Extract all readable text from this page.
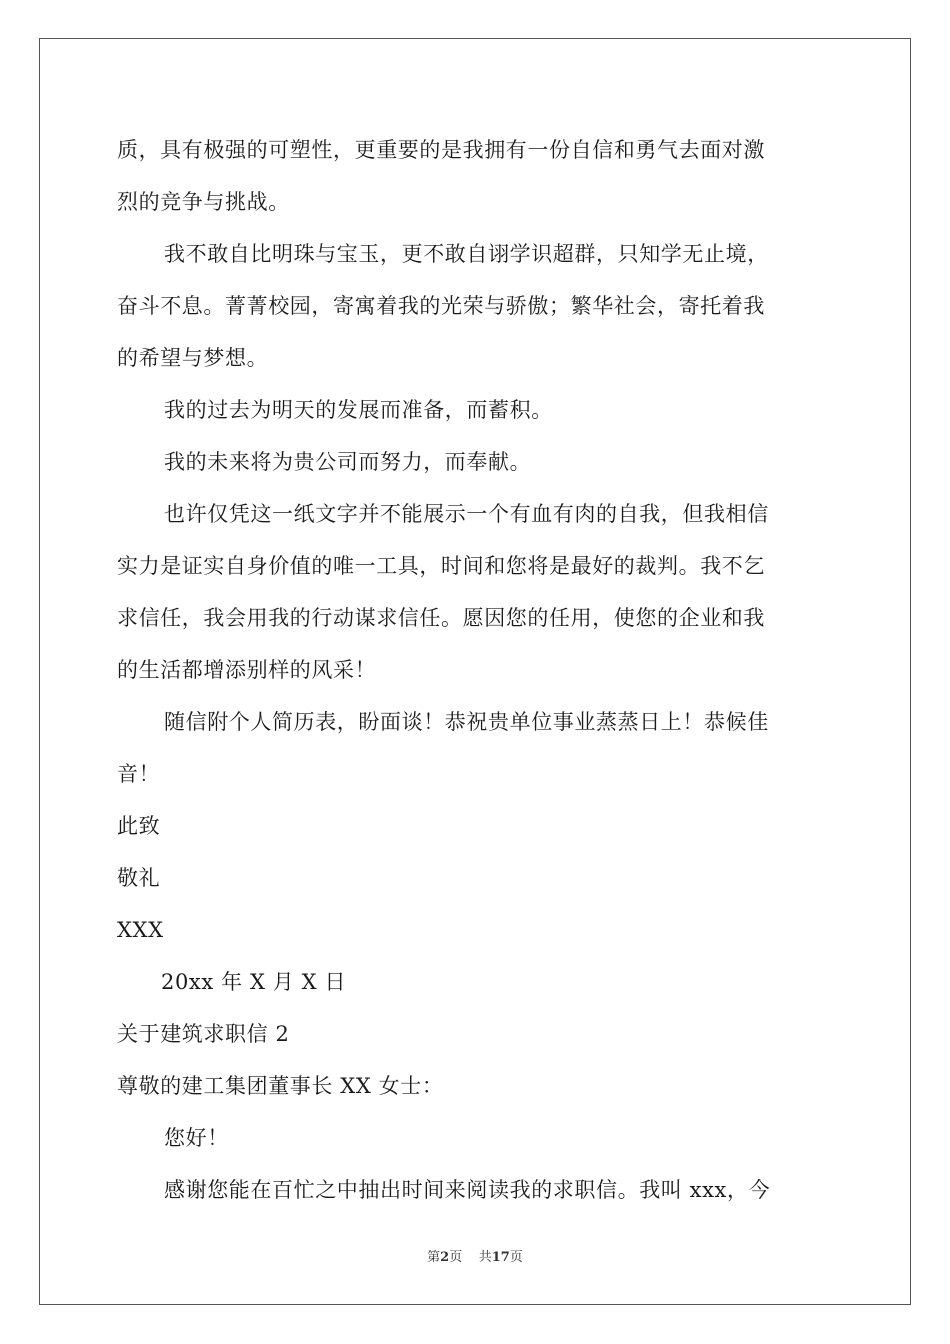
质，具有极强的可塑性，更重要的是我拥有一份自信和勇气去面对激
烈的竞争与挑战。
我不敢自比明珠与宝玉，更不敢自诩学识超群，只知学无止境，
奋斗不息。菁菁校园，寄寓着我的光荣与骄傲；繁华社会，寄托着我
的希望与梦想。
我的过去为明天的发展而准备，而蓄积。
我的未来将为贵公司而努力，而奉献。
也许仅凭这一纸文字并不能展示一个有血有肉的自我，但我相信
实力是证实自身价值的唯一工具，时间和您将是最好的裁判。我不乞
求信任，我会用我的行动谋求信任。愿因您的任用，使您的企业和我
的生活都增添别样的风采！
随信附个人简历表，盼面谈！恭祝贵单位事业蒸蒸日上！恭候佳
音！
此致
敬礼
XXX
20xx 年 X 月 X 日
关于建筑求职信 2
尊敬的建工集团董事长 XX 女士：
您好！
感谢您能在百忙之中抽出时间来阅读我的求职信。我叫 xxx，今
第2页 共17页
